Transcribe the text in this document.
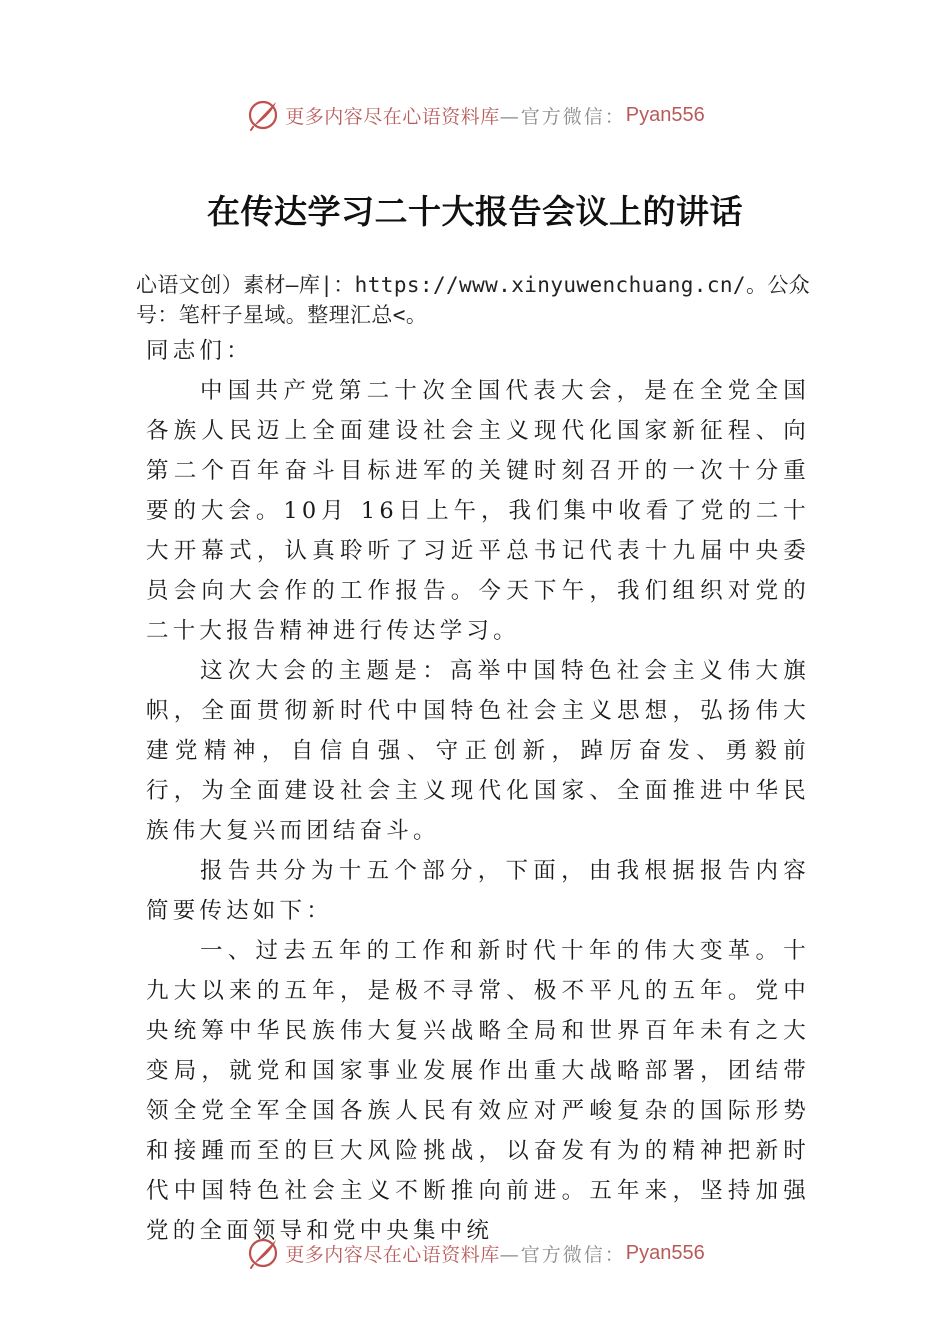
更多内容尽在心语资料库 —官方微信： Pyan556
在传达学习二十大报告会议上的讲话
心语文创）素材—库|：https://www.xinyuwenchuang.cn/。公众号：笔杆子星域。整理汇总<。

同志们：

中国共产党第二十次全国代表大会，是在全党全国各族人民迈上全面建设社会主义现代化国家新征程、向第二个百年奋斗目标进军的关键时刻召开的一次十分重要的大会。10月 16日上午，我们集中收看了党的二十大开幕式，认真聆听了习近平总书记代表十九届中央委员会向大会作的工作报告。今天下午，我们组织对党的二十大报告精神进行传达学习。

这次大会的主题是：高举中国特色社会主义伟大旗帜，全面贯彻新时代中国特色社会主义思想，弘扬伟大建党精神，自信自强、守正创新，踔厉奋发、勇毅前行，为全面建设社会主义现代化国家、全面推进中华民族伟大复兴而团结奋斗。

报告共分为十五个部分，下面，由我根据报告内容简要传达如下：

一、过去五年的工作和新时代十年的伟大变革。十九大以来的五年，是极不寻常、极不平凡的五年。党中央统筹中华民族伟大复兴战略全局和世界百年未有之大变局，就党和国家事业发展作出重大战略部署，团结带领全党全军全国各族人民有效应对严峻复杂的国际形势和接踵而至的巨大风险挑战，以奋发有为的精神把新时代中国特色社会主义不断推向前进。五年来，坚持加强党的全面领导和党中央集中统

更多内容尽在心语资料库 —官方微信： Pyan556
